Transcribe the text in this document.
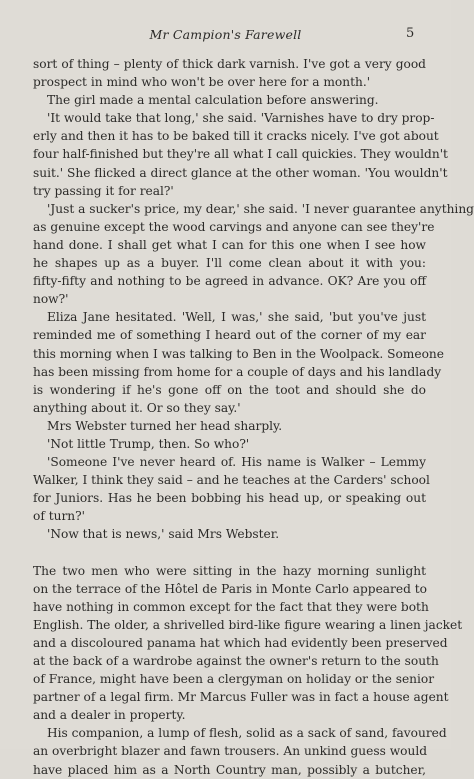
Mr Campion's Farewell	5
sort of thing – plenty of thick dark varnish. I've got a very good
prospect in mind who won't be over here for a month.'
The girl made a mental calculation before answering.
'It would take that long,' she said. 'Varnishes have to dry prop-
erly and then it has to be baked till it cracks nicely. I've got about
four half-finished but they're all what I call quickies. They wouldn't
suit.' She flicked a direct glance at the other woman. 'You wouldn't
try passing it for real?'
'Just a sucker's price, my dear,' she said. 'I never guarantee anything
as genuine except the wood carvings and anyone can see they're
hand done. I shall get what I can for this one when I see how
he shapes up as a buyer. I'll come clean about it with you:
fifty-fifty and nothing to be agreed in advance. OK? Are you off
now?'
Eliza Jane hesitated. 'Well, I was,' she said, 'but you've just
reminded me of something I heard out of the corner of my ear
this morning when I was talking to Ben in the Woolpack. Someone
has been missing from home for a couple of days and his landlady
is wondering if he's gone off on the toot and should she do
anything about it. Or so they say.'
Mrs Webster turned her head sharply.
'Not little Trump, then. So who?'
'Someone I've never heard of. His name is Walker – Lemmy
Walker, I think they said – and he teaches at the Carders' school
for Juniors. Has he been bobbing his head up, or speaking out
of turn?'
'Now that is news,' said Mrs Webster.
The two men who were sitting in the hazy morning sunlight
on the terrace of the Hôtel de Paris in Monte Carlo appeared to
have nothing in common except for the fact that they were both
English. The older, a shrivelled bird-like figure wearing a linen jacket
and a discoloured panama hat which had evidently been preserved
at the back of a wardrobe against the owner's return to the south
of France, might have been a clergyman on holiday or the senior
partner of a legal firm. Mr Marcus Fuller was in fact a house agent
and a dealer in property.
His companion, a lump of flesh, solid as a sack of sand, favoured
an overbright blazer and fawn trousers. An unkind guess would
have placed him as a North Country man, possibly a butcher,
